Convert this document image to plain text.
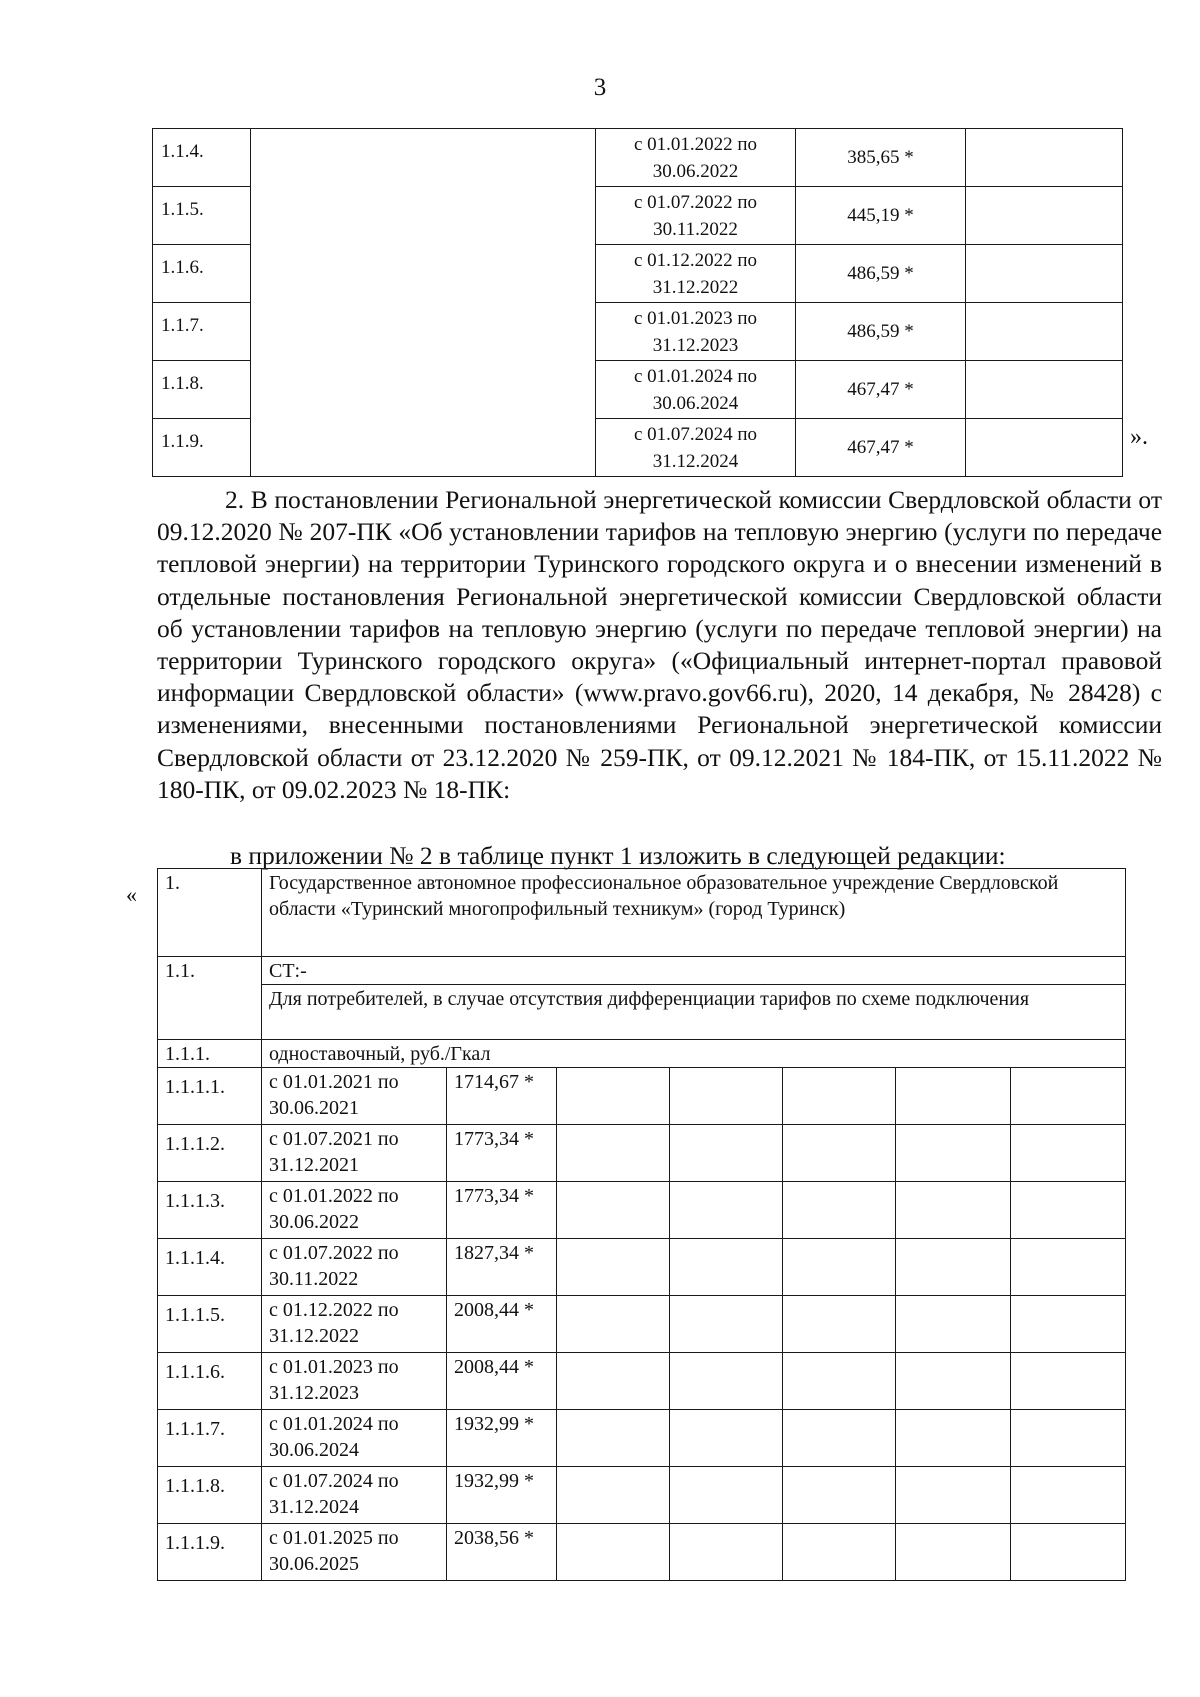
3
1.1.4.		с 01.01.2022 по 30.06.2022	385,65 *	
1.1.5.		с 01.07.2022 по 30.11.2022	445,19 *	
1.1.6.		с 01.12.2022 по 31.12.2022	486,59 *	
1.1.7.		с 01.01.2023 по 31.12.2023	486,59 *	
1.1.8.		с 01.01.2024 по 30.06.2024	467,47 *	
1.1.9.		с 01.07.2024 по 31.12.2024	467,47 *		».

2. В постановлении Региональной энергетической комиссии Свердловской области от 09.12.2020 № 207-ПК «Об установлении тарифов на тепловую энергию (услуги по передаче тепловой энергии) на территории Туринского городского округа и о внесении изменений в отдельные постановления Региональной энергетической комиссии Свердловской области об установлении тарифов на тепловую энергию (услуги по передаче тепловой энергии) на территории Туринского городского округа» («Официальный интернет-портал правовой информации Свердловской области» (www.pravo.gov66.ru), 2020, 14 декабря, № 28428) с изменениями, внесенными постановлениями Региональной энергетической комиссии Свердловской области от 23.12.2020 № 259-ПК, от 09.12.2021 № 184-ПК, от 15.11.2022 № 180-ПК, от 09.02.2023 № 18-ПК:

в приложении № 2 в таблице пункт 1 изложить в следующей редакции:
« 1.	Государственное автономное профессиональное образовательное учреждение Свердловской области «Туринский многопрофильный техникум» (город Туринск)						
1.1.	СТ:-						
	Для потребителей, в случае отсутствия дифференциации тарифов по схеме подключения						
1.1.1.	одноставочный, руб./Гкал						
1.1.1.1.	с 01.01.2021 по 30.06.2021	1714,67 *					
1.1.1.2.	с 01.07.2021 по 31.12.2021	1773,34 *					
1.1.1.3.	с 01.01.2022 по 30.06.2022	1773,34 *					
1.1.1.4.	с 01.07.2022 по 30.11.2022	1827,34 *					
1.1.1.5.	с 01.12.2022 по 31.12.2022	2008,44 *					
1.1.1.6.	с 01.01.2023 по 31.12.2023	2008,44 *					
1.1.1.7.	с 01.01.2024 по 30.06.2024	1932,99 *					
1.1.1.8.	с 01.07.2024 по 31.12.2024	1932,99 *					
1.1.1.9.	с 01.01.2025 по 30.06.2025	2038,56 *					
